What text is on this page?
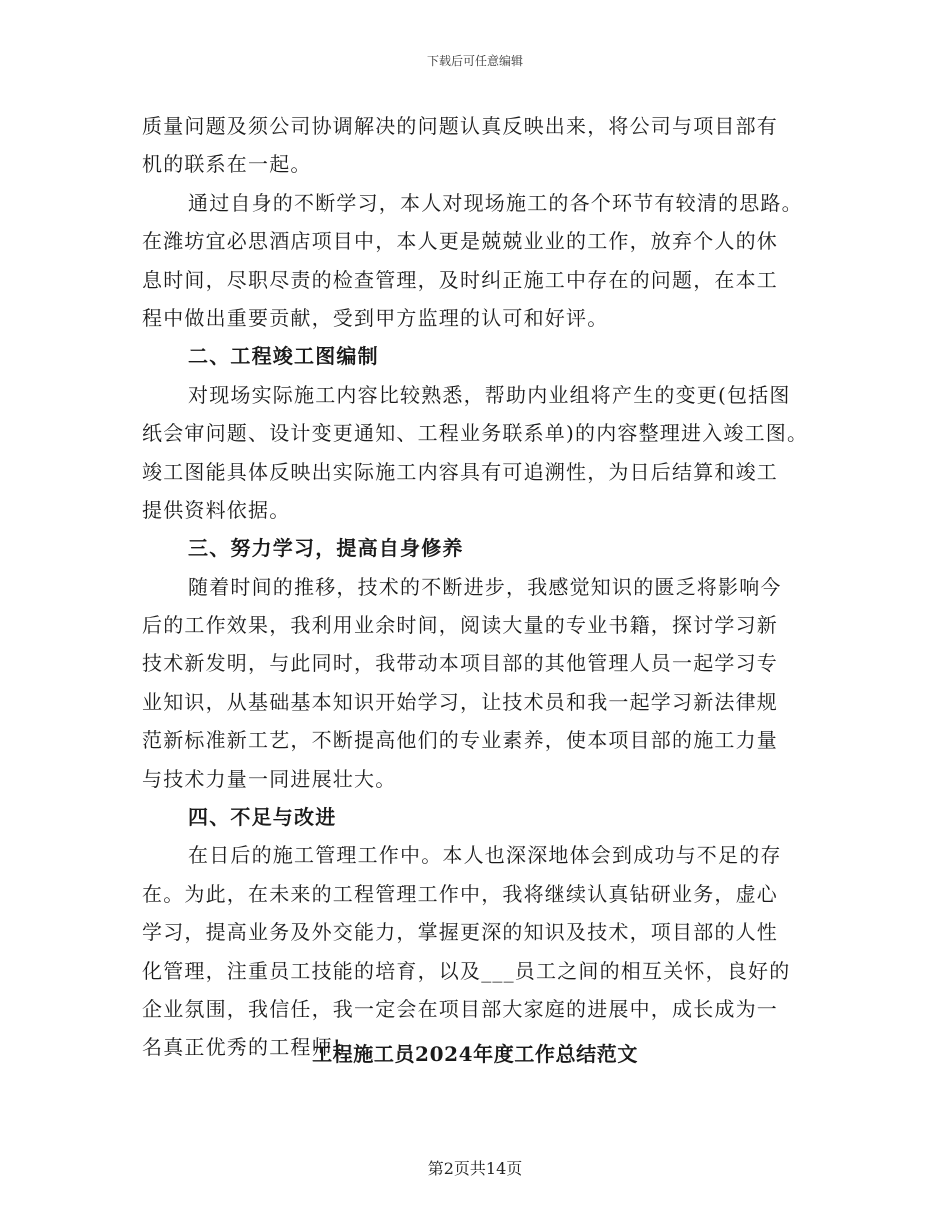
下载后可任意编辑
质量问题及须公司协调解决的问题认真反映出来，将公司与项目部有
机的联系在一起。
通过自身的不断学习，本人对现场施工的各个环节有较清的思路。
在潍坊宜必思酒店项目中，本人更是兢兢业业的工作，放弃个人的休
息时间，尽职尽责的检查管理，及时纠正施工中存在的问题，在本工
程中做出重要贡献，受到甲方监理的认可和好评。
二、工程竣工图编制
对现场实际施工内容比较熟悉，帮助内业组将产生的变更(包括图
纸会审问题、设计变更通知、工程业务联系单)的内容整理进入竣工图。
竣工图能具体反映出实际施工内容具有可追溯性，为日后结算和竣工
提供资料依据。
三、努力学习，提高自身修养
随着时间的推移，技术的不断进步，我感觉知识的匮乏将影响今
后的工作效果，我利用业余时间，阅读大量的专业书籍，探讨学习新
技术新发明，与此同时，我带动本项目部的其他管理人员一起学习专
业知识，从基础基本知识开始学习，让技术员和我一起学习新法律规
范新标准新工艺，不断提高他们的专业素养，使本项目部的施工力量
与技术力量一同进展壮大。
四、不足与改进
在日后的施工管理工作中。本人也深深地体会到成功与不足的存
在。为此，在未来的工程管理工作中，我将继续认真钻研业务，虚心
学习，提高业务及外交能力，掌握更深的知识及技术，项目部的人性
化管理，注重员工技能的培育，以及___员工之间的相互关怀，良好的
企业氛围，我信任，我一定会在项目部大家庭的进展中，成长成为一
名真正优秀的工程师!
工程施工员2024年度工作总结范文
第2页共14页
